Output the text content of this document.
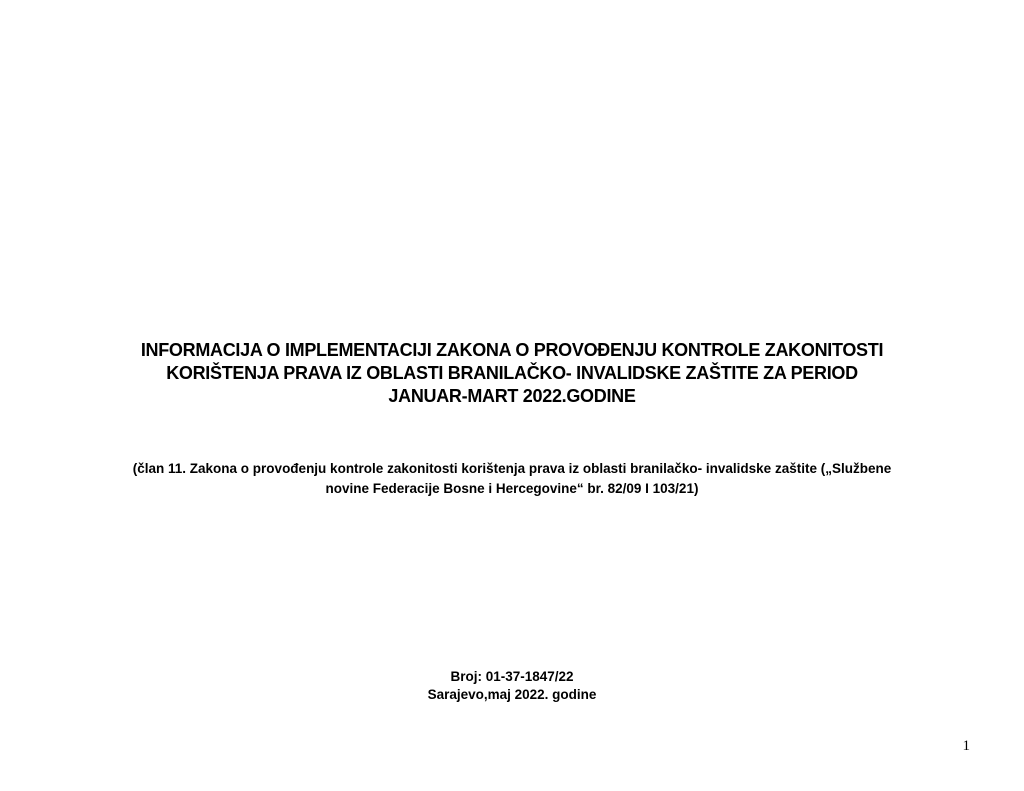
INFORMACIJA O IMPLEMENTACIJI ZAKONA O PROVOĐENJU KONTROLE ZAKONITOSTI
KORIŠTENJA PRAVA IZ OBLASTI BRANILAČKO- INVALIDSKE ZAŠTITE ZA PERIOD
JANUAR-MART 2022.GODINE
(član 11. Zakona o provođenju kontrole zakonitosti korištenja prava iz oblasti branilačko- invalidske zaštite („Službene
novine Federacije Bosne i Hercegovine“ br. 82/09 I 103/21)
Broj: 01-37-1847/22
Sarajevo,maj 2022. godine
1
